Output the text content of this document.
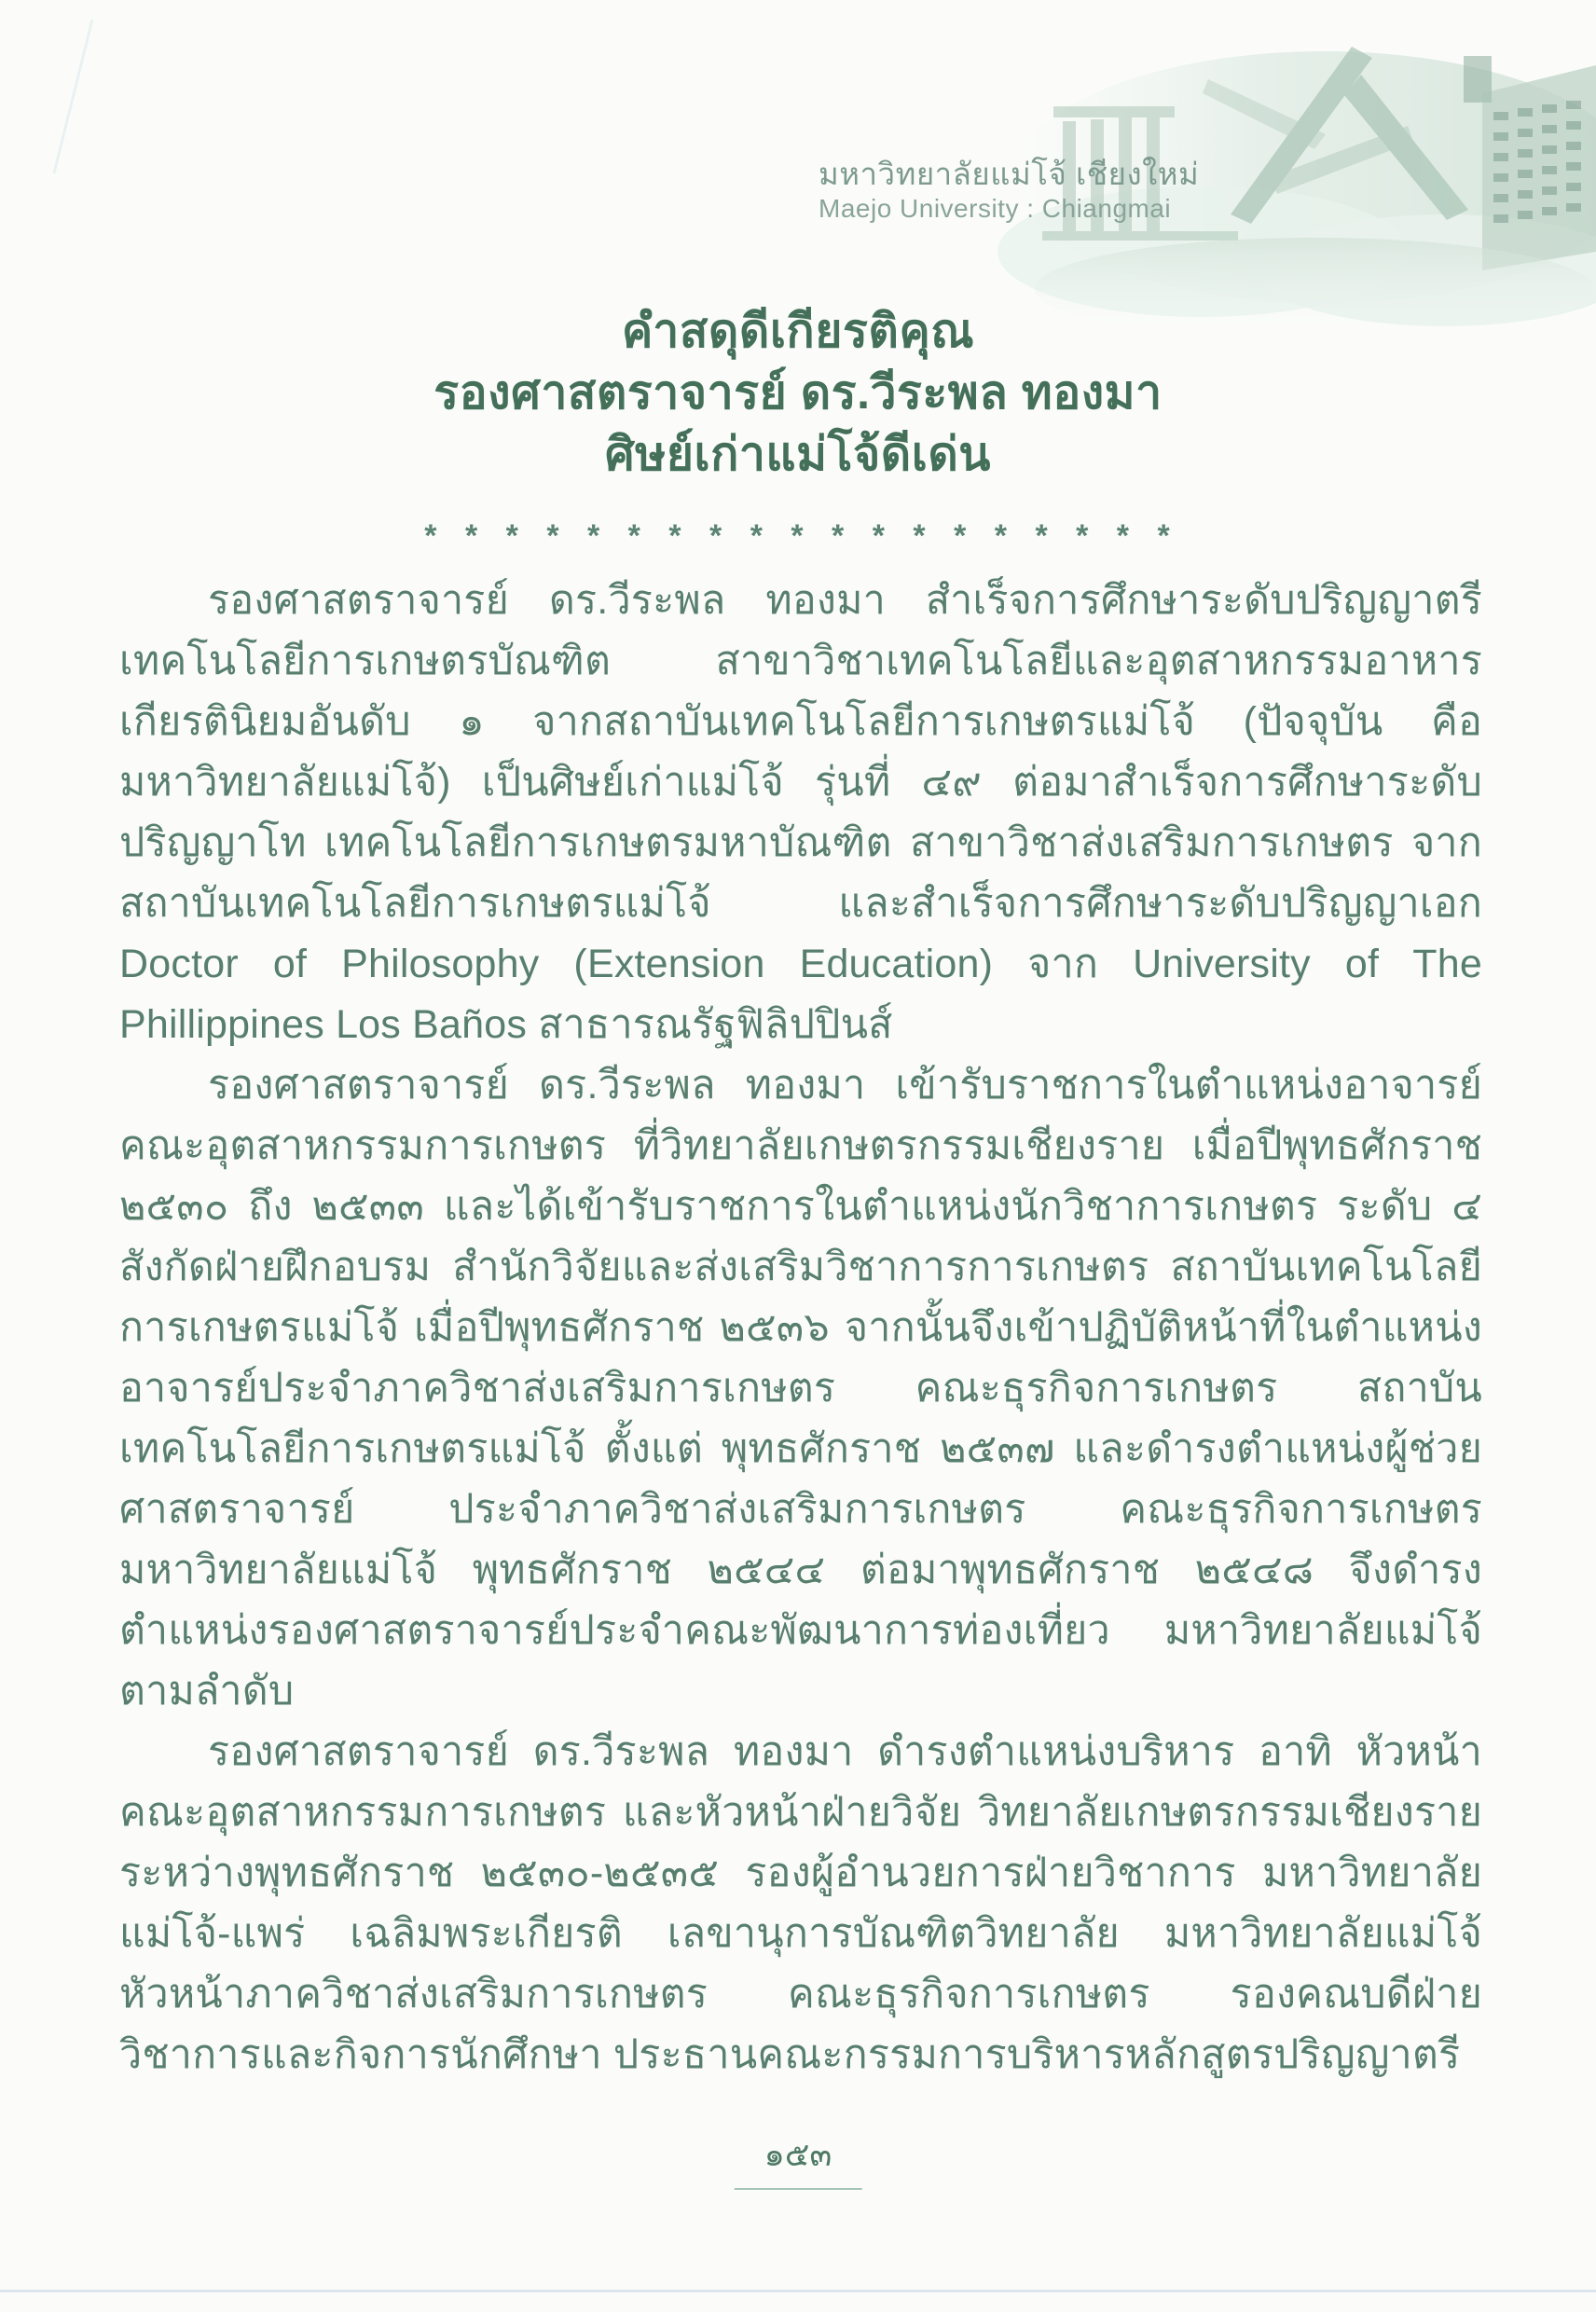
มหาวิทยาลัยแม่โจ้ เชียงใหม่
Maejo University : Chiangmai
คำสดุดีเกียรติคุณ
รองศาสตราจารย์ ดร.วีระพล ทองมา
ศิษย์เก่าแม่โจ้ดีเด่น
* * * * * * * * * * * * * * * * * * *

รองศาสตราจารย์ ดร.วีระพล ทองมา สำเร็จการศึกษาระดับปริญญาตรี เทคโนโลยีการเกษตรบัณฑิต สาขาวิชาเทคโนโลยีและอุตสาหกรรมอาหาร เกียรตินิยมอันดับ ๑ จากสถาบันเทคโนโลยีการเกษตรแม่โจ้ (ปัจจุบัน คือ มหาวิทยาลัยแม่โจ้) เป็นศิษย์เก่าแม่โจ้ รุ่นที่ ๔๙ ต่อมาสำเร็จการศึกษาระดับปริญญาโท เทคโนโลยีการเกษตรมหาบัณฑิต สาขาวิชาส่งเสริมการเกษตร จากสถาบันเทคโนโลยีการเกษตรแม่โจ้ และสำเร็จการศึกษาระดับปริญญาเอก Doctor of Philosophy (Extension Education) จาก University of The Phillippines Los Baños สาธารณรัฐฟิลิปปินส์

รองศาสตราจารย์ ดร.วีระพล ทองมา เข้ารับราชการในตำแหน่งอาจารย์ คณะอุตสาหกรรมการเกษตร ที่วิทยาลัยเกษตรกรรมเชียงราย เมื่อปีพุทธศักราช ๒๕๓๐ ถึง ๒๕๓๓ และได้เข้ารับราชการในตำแหน่งนักวิชาการเกษตร ระดับ ๔ สังกัดฝ่ายฝึกอบรม สำนักวิจัยและส่งเสริมวิชาการการเกษตร สถาบันเทคโนโลยีการเกษตรแม่โจ้ เมื่อปีพุทธศักราช ๒๕๓๖ จากนั้นจึงเข้าปฏิบัติหน้าที่ในตำแหน่งอาจารย์ประจำภาควิชาส่งเสริมการเกษตร คณะธุรกิจการเกษตร สถาบันเทคโนโลยีการเกษตรแม่โจ้ ตั้งแต่ พุทธศักราช ๒๕๓๗ และดำรงตำแหน่งผู้ช่วยศาสตราจารย์ ประจำภาควิชาส่งเสริมการเกษตร คณะธุรกิจการเกษตร มหาวิทยาลัยแม่โจ้ พุทธศักราช ๒๕๔๔ ต่อมาพุทธศักราช ๒๕๔๘ จึงดำรงตำแหน่งรองศาสตราจารย์ประจำคณะพัฒนาการท่องเที่ยว มหาวิทยาลัยแม่โจ้ ตามลำดับ

รองศาสตราจารย์ ดร.วีระพล ทองมา ดำรงตำแหน่งบริหาร อาทิ หัวหน้าคณะอุตสาหกรรมการเกษตร และหัวหน้าฝ่ายวิจัย วิทยาลัยเกษตรกรรมเชียงราย ระหว่างพุทธศักราช ๒๕๓๐-๒๕๓๕ รองผู้อำนวยการฝ่ายวิชาการ มหาวิทยาลัยแม่โจ้-แพร่ เฉลิมพระเกียรติ เลขานุการบัณฑิตวิทยาลัย มหาวิทยาลัยแม่โจ้ หัวหน้าภาควิชาส่งเสริมการเกษตร คณะธุรกิจการเกษตร รองคณบดีฝ่ายวิชาการและกิจการนักศึกษา ประธานคณะกรรมการบริหารหลักสูตรปริญญาตรี

๑๕๓
